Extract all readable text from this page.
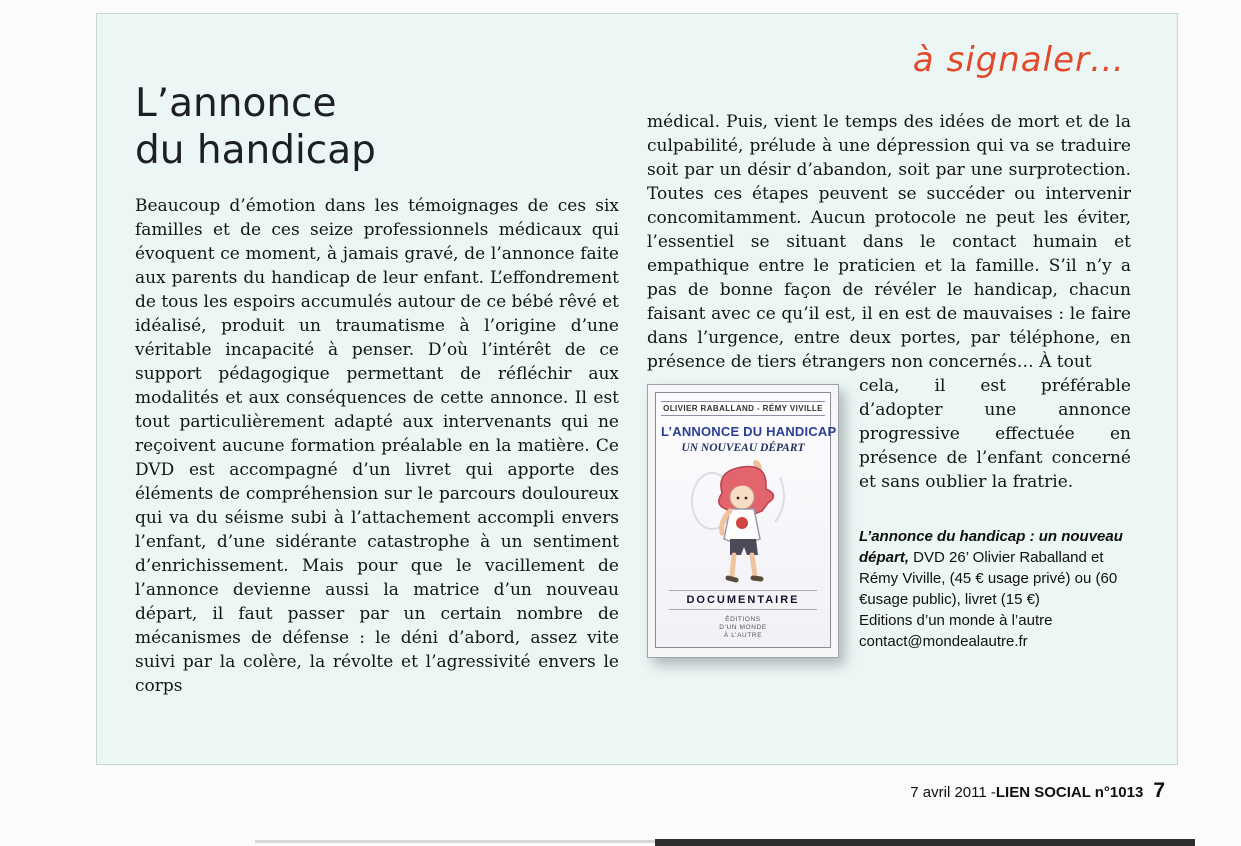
à signaler…
L’annonce
du handicap

Beaucoup d’émotion dans les témoignages de ces six familles et de ces seize professionnels médicaux qui évoquent ce moment, à jamais gravé, de l’annonce faite aux parents du handicap de leur enfant. L’effondrement de tous les espoirs accumulés autour de ce bébé rêvé et idéalisé, produit un traumatisme à l’origine d’une véritable incapacité à penser. D’où l’intérêt de ce support pédagogique permettant de réfléchir aux modalités et aux conséquences de cette annonce. Il est tout particulièrement adapté aux intervenants qui ne reçoivent aucune formation préalable en la matière. Ce DVD est accompagné d’un livret qui apporte des éléments de compréhension sur le parcours douloureux qui va du séisme subi à l’attachement accompli envers l’enfant, d’une sidérante catastrophe à un sentiment d’enrichissement. Mais pour que le vacillement de l’annonce devienne aussi la matrice d’un nouveau départ, il faut passer par un certain nombre de mécanismes de défense : le déni d’abord, assez vite suivi par la colère, la révolte et l’agressivité envers le corps

médical. Puis, vient le temps des idées de mort et de la culpabilité, prélude à une dépression qui va se traduire soit par un désir d’abandon, soit par une surprotection. Toutes ces étapes peuvent se succéder ou intervenir concomitamment. Aucun protocole ne peut les éviter, l’essentiel se situant dans le contact humain et empathique entre le praticien et la famille. S’il n’y a pas de bonne façon de révéler le handicap, chacun faisant avec ce qu’il est, il en est de mauvaises : le faire dans l’urgence, entre deux portes, par téléphone, en présence de tiers étrangers non concernés… À tout

OLIVIER RABALLAND - RÉMY VIVILLE
L’ANNONCE DU HANDICAP
UN NOUVEAU DÉPART
DOCUMENTAIRE
ÉDITIONS
D’UN MONDE
À L’AUTRE

cela, il est préférable d’adopter une annonce progressive effectuée en présence de l’enfant concerné et sans oublier la fratrie.

L’annonce du handicap : un nouveau départ, DVD 26’ Olivier Raballand et Rémy Viville, (45 € usage privé) ou (60 €usage public), livret (15 €)
Editions d’un monde à l’autre
contact@mondealautre.fr
7 avril 2011 - LIEN SOCIAL n°1013 7
